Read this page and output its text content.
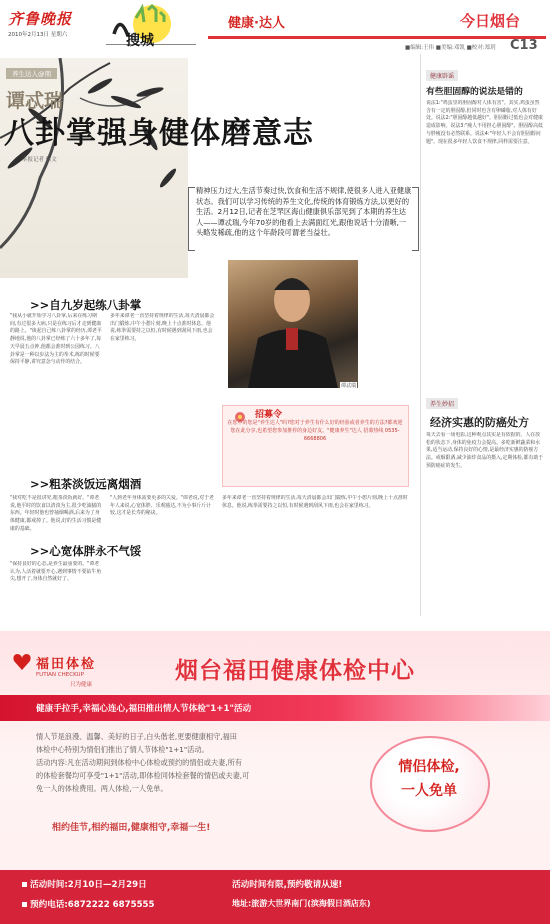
齐鲁晚报
2010年2月13日 星期六	搜城
健康·达人	今日烟台
■编辑:王伟 ■美编:邓凯 ■校对:郑玥 C13
养生达人@期
谭忒瑞
八卦掌强身健体磨意志
本报记者 侯文
精神压力过大,生活节奏过快,饮食和生活不规律,使很多人进入亚健康状态。我们可以学习传统的养生文化,传统的体育锻炼方法,以更好的生活。2月12日,记者在芝罘区海山健康俱乐部见到了本期的养生达人——谭忒瑞,今年70岁的他看上去满面红光,跟他说话十分清晰,一头略发稀疏,他的这个年龄段可谓老当益壮。
谭忒瑞
招募令
在您中的您是"养生达人"吗?您对于养生有什么好的经验或者养生的方法?都欢迎您在此分享,也希望您参加推荐的身边好友。"健康养生"达人 招募热线 0535-6668806
>>自九岁起练八卦掌
"我从小就开始学习八卦掌,后来在练习期间,有过很多大病,只是在练习后才走到健康的路上。"谈起自己练八卦掌的经历,谭老平静地说,他的八卦掌已经练了六十多年了,每天早晨五点钟,他都会准时到公园练习。八卦掌是一种以步法为主的拳术,练的时候要保持平静,讲究意念与动作的结合。
多年来谭老一直坚持着规律的生活,每天清晨都会出门锻炼,中午小憩片刻,晚上十点准时休息。他说,练拳需要持之以恒,有时候遇到刮风下雨,也会在家里练习。
>>粗茶淡饭远离烟酒
"我对吃不是很讲究,粗茶淡饭就好。"谭老说,他平时的饮食以清淡为主,很少吃油腻的东西。年轻时他也曾抽烟喝酒,后来为了身体健康,都戒掉了。他说,好的生活习惯是健康的基础。
>>心宽体胖永不气馁
"保持良好的心态,是养生最重要的。"谭老认为,人活着就要开心,遇到事情不要钻牛角尖,想开了,身体自然就好了。
"人到老年身体需要更多的关爱。"谭老说,对于老年人来说,心宽体胖、乐观豁达,不为小事斤斤计较,这才是长寿的秘诀。
多年来谭老一直坚持着规律的生活,每天清晨都会出门锻炼,中午小憩片刻,晚上十点准时休息。他说,练拳需要持之以恒,有时候遇到刮风下雨,也会在家里练习。
健康辟谣
有些胆固醇的说法是错的
说法1:"鸡蛋里的胆固醇对人体有害"。其实,鸡蛋虽然含有一定的胆固醇,但同时也含有卵磷脂,对人体有好处。说法2:"胆固醇越低越好"。胆固醇过低也会对健康造成影响。说法3:"瘦人不用担心胆固醇"。胆固醇高低与胖瘦没有必然联系。说法4:"年轻人不会有胆固醇问题"。现在很多年轻人饮食不规律,同样需要注意。
养生妙招
经济实惠的防癌处方
每天去看一场电影,这种观点其实是有依据的。人在放松的状态下,身体的免疫力会提高。多吃新鲜蔬菜和水果,适当运动,保持良好的心情,是最经济实惠的防癌方法。戒烟限酒,减少油炸食品的摄入,定期体检,都有助于预防癌症的发生。
福田体检
FUTIAN CHECKUP
只为健康
烟台福田健康体检中心
健康手拉手,幸福心连心,福田推出情人节体检"1+1"活动
情人节是浪漫、温馨、美好的日子,白头偕老,更要健康相守,福田
体检中心特别为情侣们推出了情人节体检"1+1"活动。
活动内容:凡在活动期间到体检中心体检或预约的情侣或夫妻,所有
的体检套餐均可享受"1+1"活动,即体检同体检套餐的情侣或夫妻,可
免一人的体检费用。两人体检,一人免单。
情侣体检,
一人免单
相约佳节,相约福田,健康相守,幸福一生!
活动时间:2月10日—2月29日	活动时间有限,预约敬请从速!
预约电话:6872222 6875555	地址:旅游大世界南门(滨海假日酒店东)
